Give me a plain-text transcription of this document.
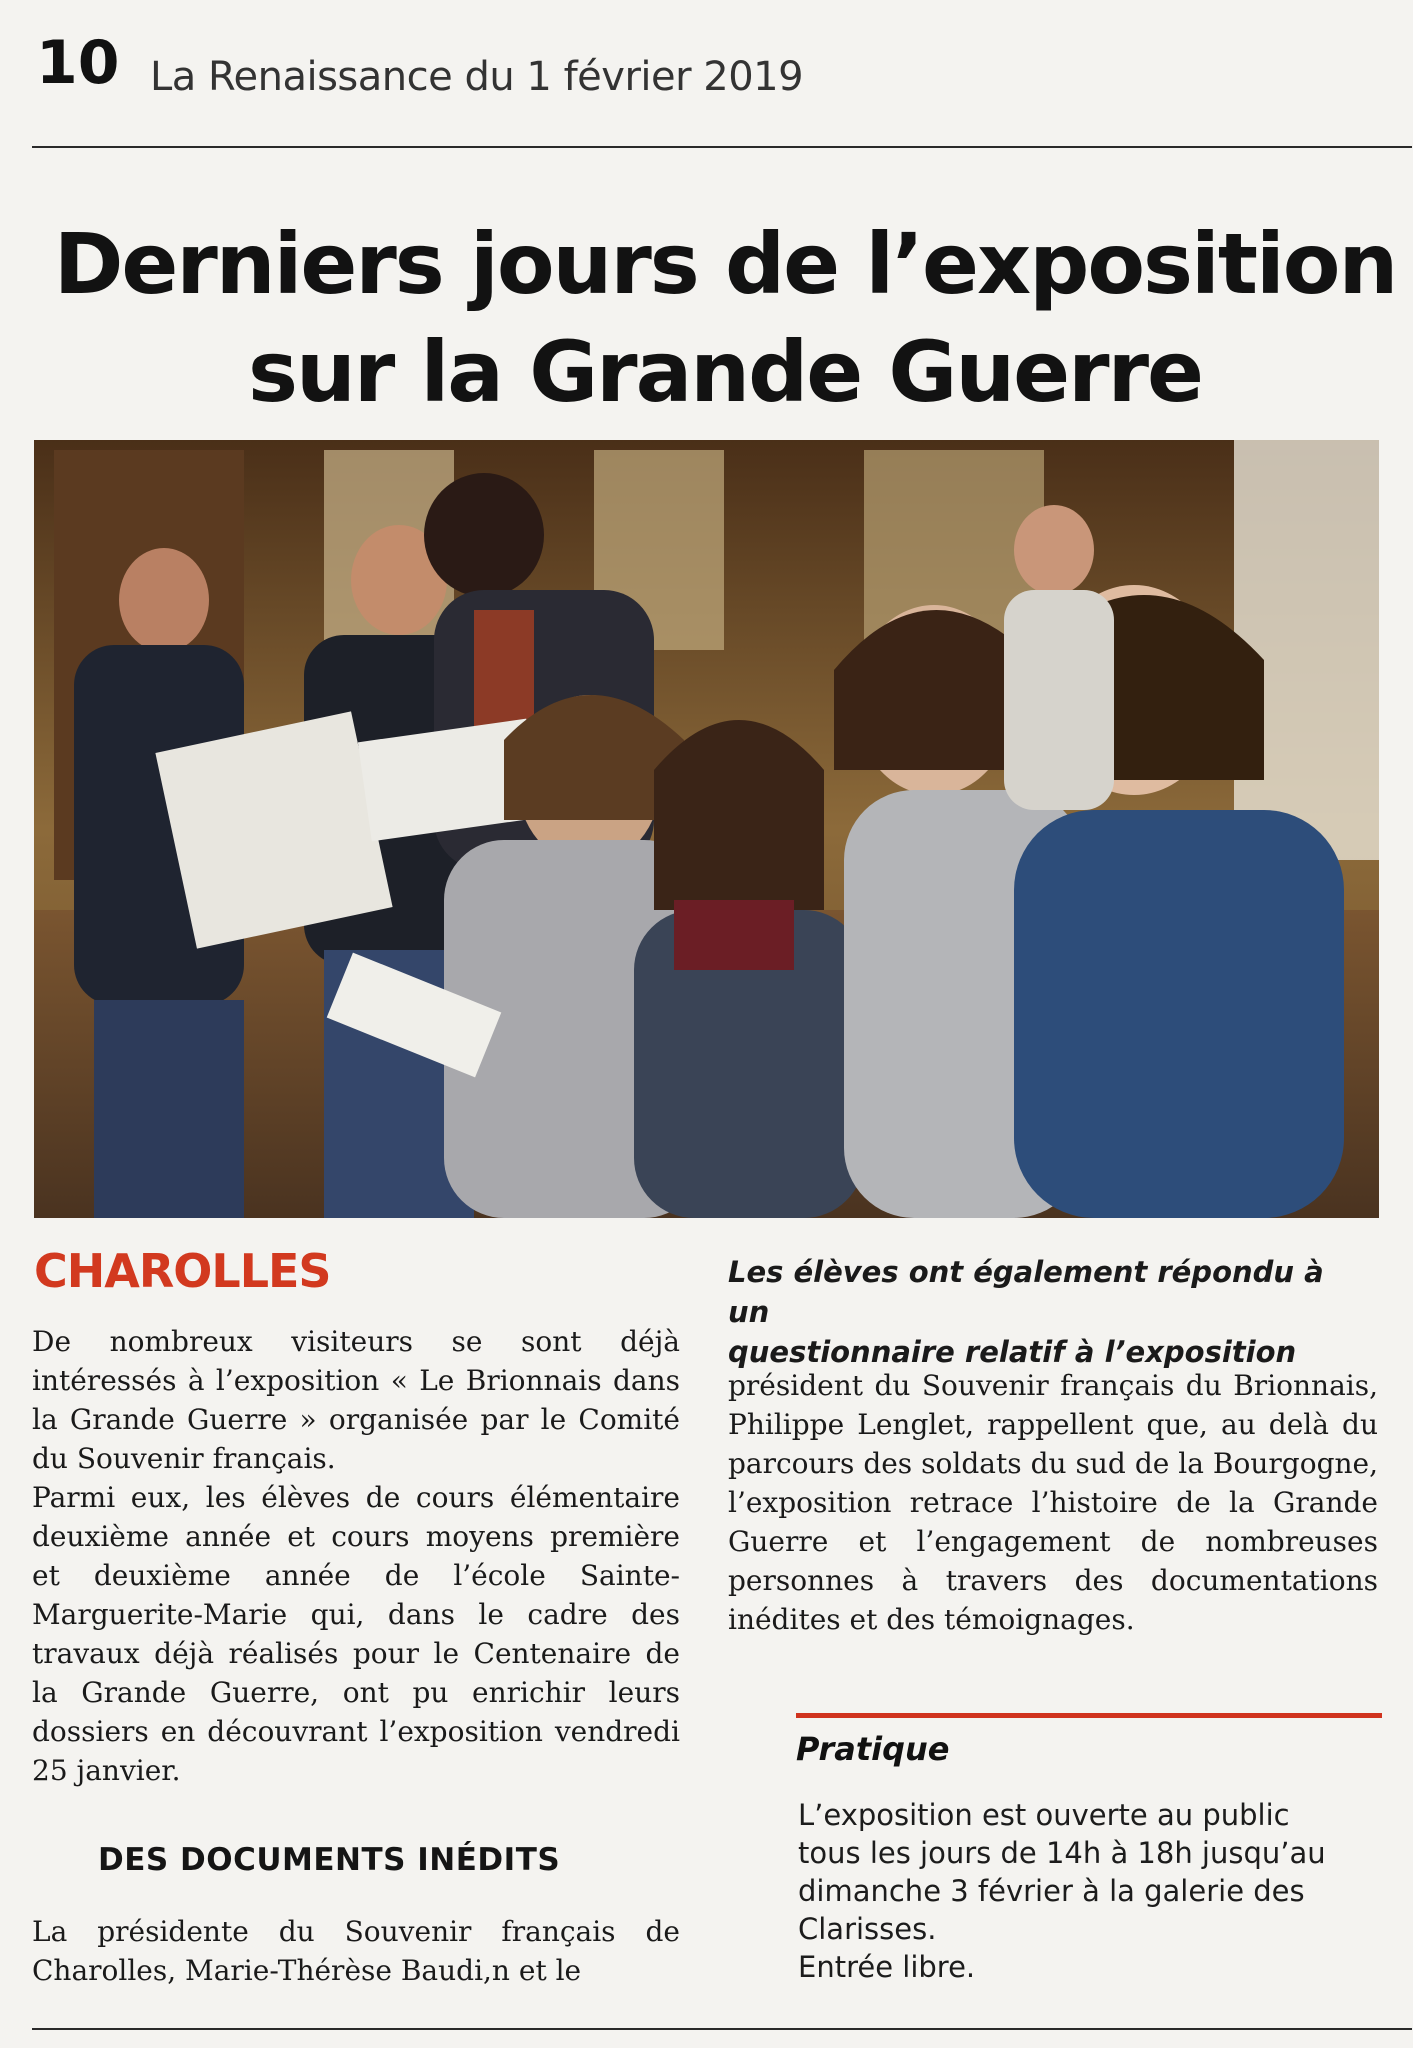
10 La Renaissance du 1 février 2019
Derniers jours de l’exposition
sur la Grande Guerre
Les élèves ont également répondu à un
questionnaire relatif à l’exposition
CHAROLLES

De nombreux visiteurs se sont déjà intéressés à l’exposition « Le Brionnais dans la Grande Guerre » organisée par le Comité du Souvenir français.

Parmi eux, les élèves de cours élémentaire deuxième année et cours moyens première et deuxième année de l’école Sainte-Marguerite-Marie qui, dans le cadre des travaux déjà réalisés pour le Centenaire de la Grande Guerre, ont pu enrichir leurs dossiers en découvrant l’exposition vendredi 25 janvier.

DES DOCUMENTS INÉDITS

La présidente du Souvenir français de Charolles, Marie-Thérèse Baudi,n et le

président du Souvenir français du Brionnais, Philippe Lenglet, rappellent que, au delà du parcours des soldats du sud de la Bourgogne, l’exposition retrace l’histoire de la Grande Guerre et l’engagement de nombreuses personnes à travers des documentations inédites et des témoignages.

Pratique
L’exposition est ouverte au public
tous les jours de 14h à 18h jusqu’au
dimanche 3 février à la galerie des
Clarisses.
Entrée libre.
